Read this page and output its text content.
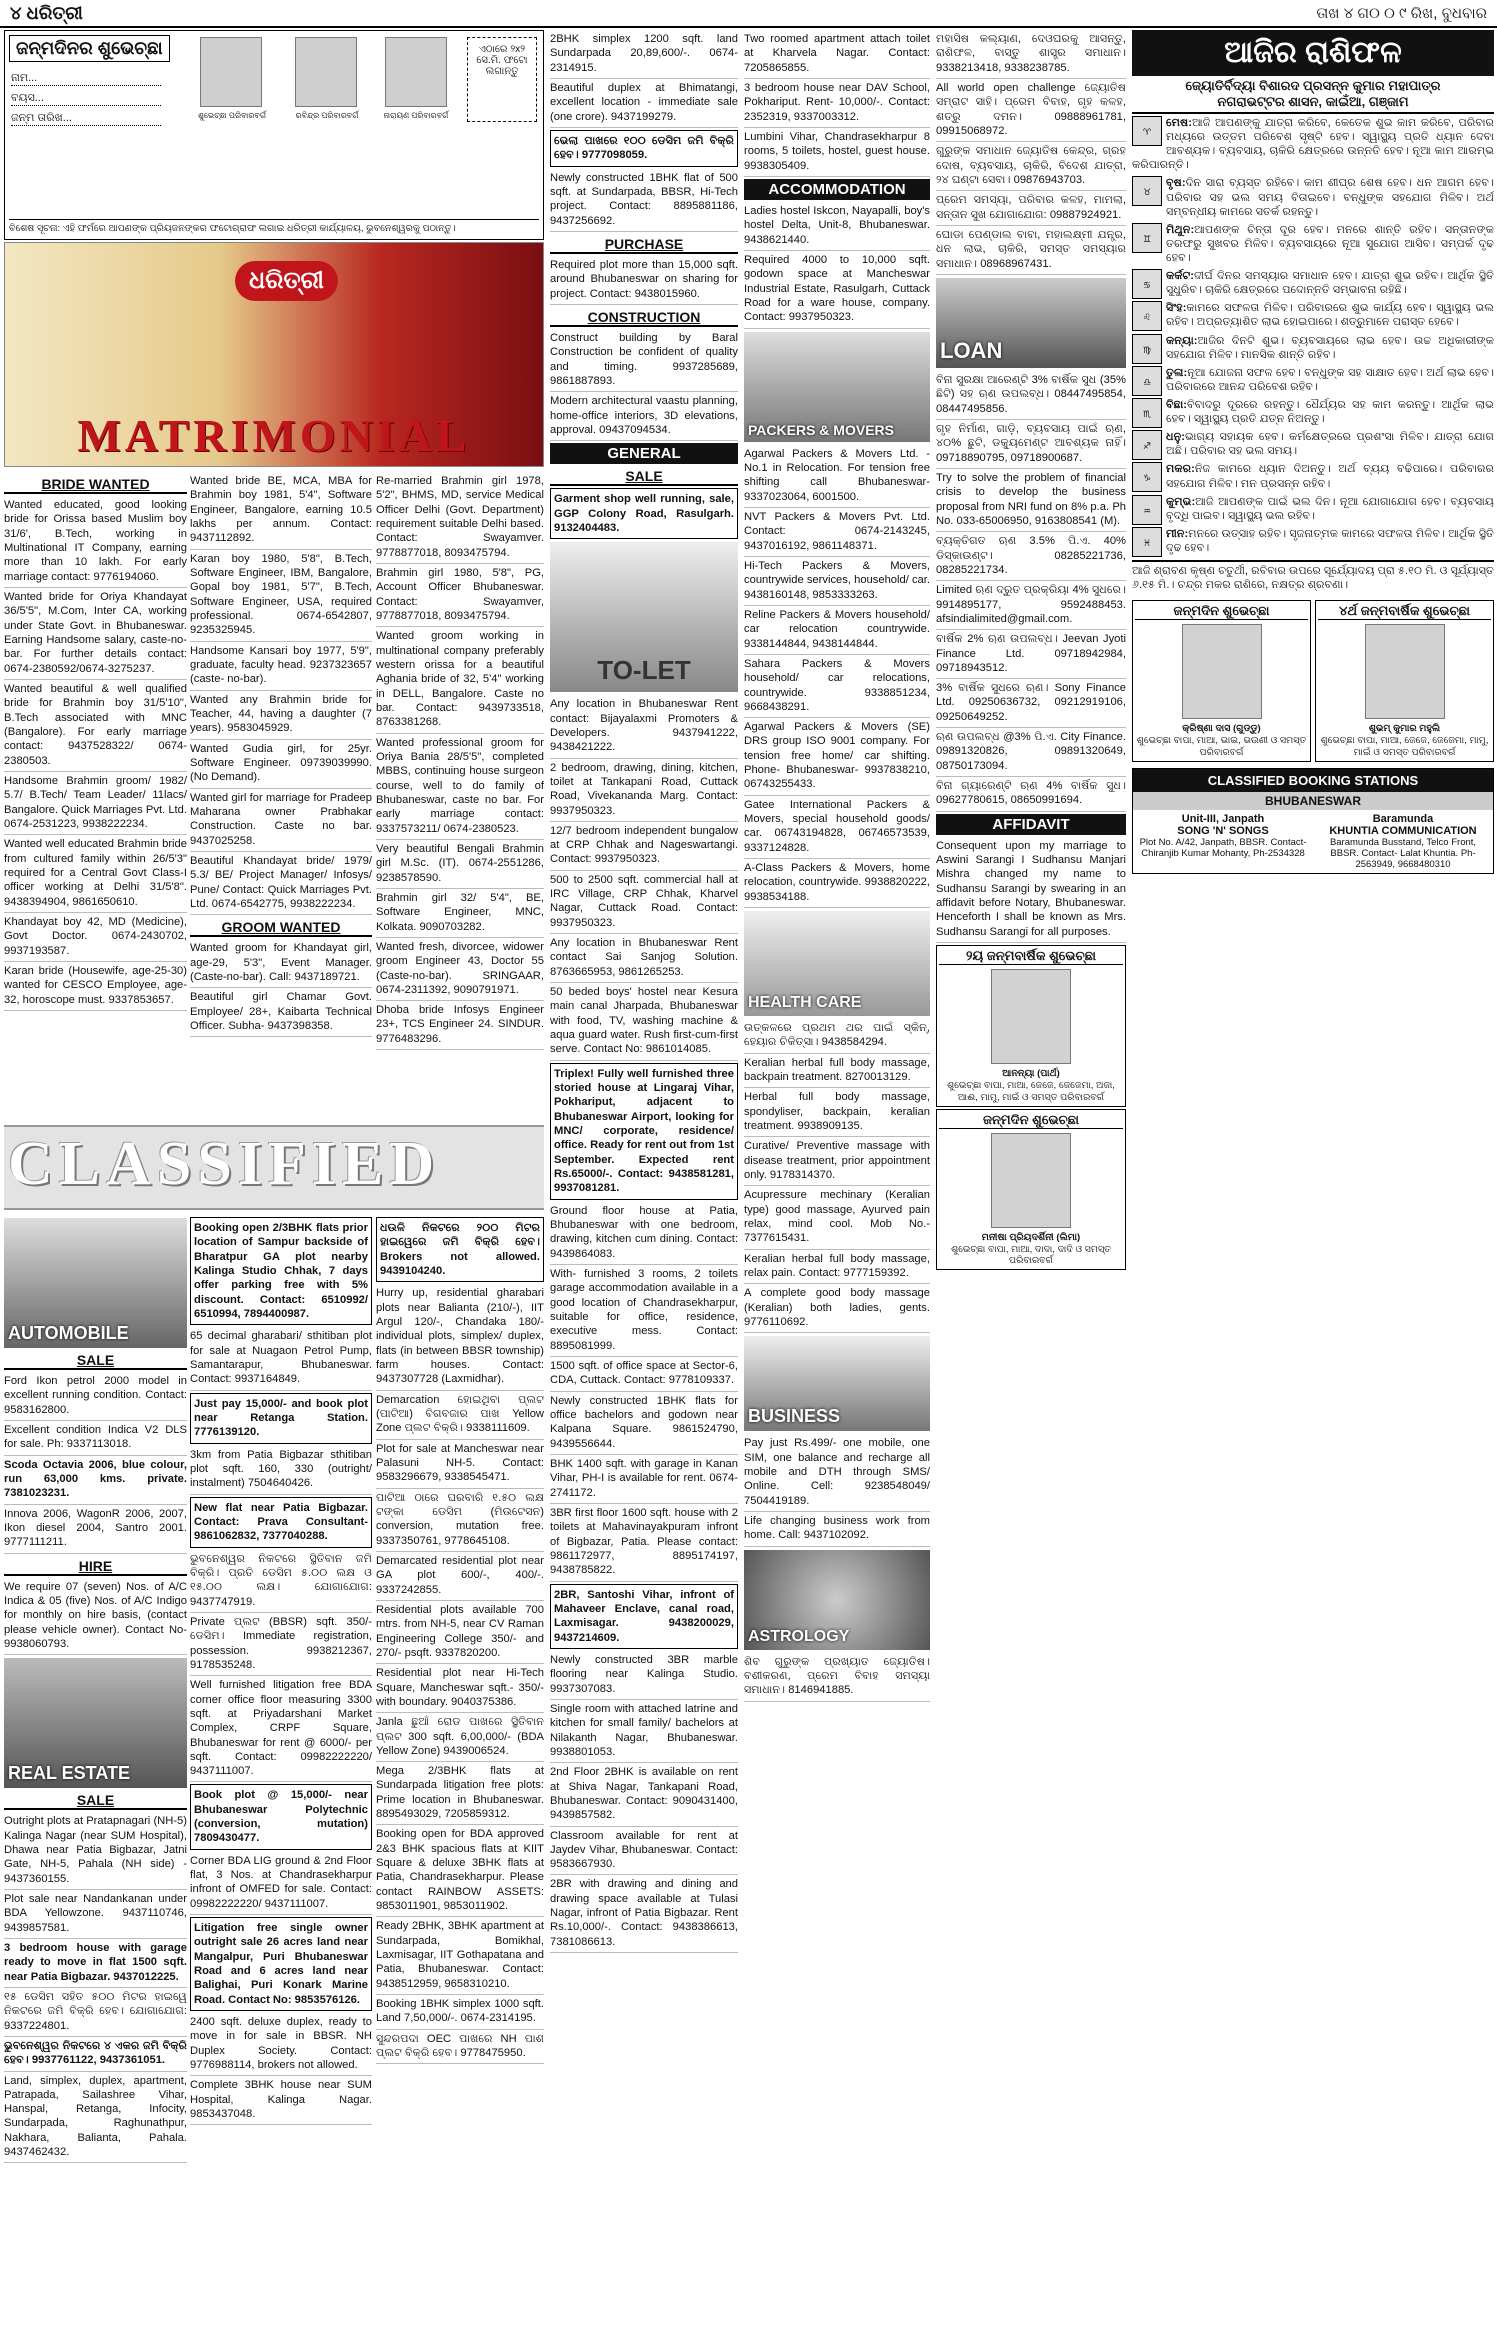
୪ ଧରିତ୍ରୀ	ତାଖ ୪ ଗ୦ ୦ ୯ ରିଖ, ବୁଧବାର
ଜନ୍ମଦିନର ଶୁଭେଚ୍ଛା
ନାମ...
ବୟସ...
ଜନ୍ମ ତାରିଖ...	ଶୁଭେଚ୍ଛା ପରିବାରବର୍ଗ	ରବିନ୍ଦ୍ର ପରିବାରବର୍ଗ	ନାରାୟଣ ପରିବାରବର୍ଗ
ଏଠାରେ ୨x୨ ସେ.ମି. ଫଟୋ ଲଗାନ୍ତୁ
ବିଶେଷ ସୂଚନା: ଏହି ଫର୍ମରେ ଆପଣଙ୍କ ପ୍ରିୟଜନଙ୍କର ଫଟୋଗ୍ରାଫ ଲଗାଇ ଧରିତ୍ରୀ କାର୍ଯ୍ୟାଳୟ, ଭୁବନେଶ୍ୱରକୁ ପଠାନ୍ତୁ।
ଧରିତ୍ରୀ
MATRIMONIAL
BRIDE WANTED
Wanted educated, good looking bride for Orissa based Muslim boy 31/6', B.Tech, working in Multinational IT Company, earning more than 10 lakh. For early marriage contact: 9776194060.
Wanted bride for Oriya Khandayat 36/5'5", M.Com, Inter CA, working under State Govt. in Bhubaneswar. Earning Handsome salary, caste-no-bar. For further details contact: 0674-2380592/0674-3275237.
Wanted beautiful & well qualified bride for Brahmin boy 31/5'10", B.Tech associated with MNC (Bangalore). For early marriage contact: 9437528322/ 0674-2380503.
Handsome Brahmin groom/ 1982/ 5.7/ B.Tech/ Team Leader/ 11lacs/ Bangalore. Quick Marriages Pvt. Ltd. 0674-2531223, 9938222234.
Wanted well educated Brahmin bride from cultured family within 26/5'3" required for a Central Govt Class-I officer working at Delhi 31/5'8". 9438394904, 9861650610.
Khandayat boy 42, MD (Medicine), Govt Doctor. 0674-2430702, 9937193587.
Karan bride (Housewife, age-25-30) wanted for CESCO Employee, age-32, horoscope must. 9337853657.
Wanted bride BE, MCA, MBA for Brahmin boy 1981, 5'4", Software Engineer, Bangalore, earning 10.5 lakhs per annum. Contact: 9437112892.
Karan boy 1980, 5'8", B.Tech, Software Engineer, IBM, Bangalore, Gopal boy 1981, 5'7", B.Tech, Software Engineer, USA, required professional. 0674-6542807, 9235325945.
Handsome Kansari boy 1977, 5'9", graduate, faculty head. 9237323657 (caste- no-bar).
Wanted any Brahmin bride for Teacher, 44, having a daughter (7 years). 9583045929.
Wanted Gudia girl, for 25yr. Software Engineer. 09739039990. (No Demand).
Wanted girl for marriage for Pradeep Maharana owner Prabhakar Construction. Caste no bar. 9437025258.
Beautiful Khandayat bride/ 1979/ 5.3/ BE/ Project Manager/ Infosys/ Pune/ Contact: Quick Marriages Pvt. Ltd. 0674-6542775, 9938222234.
GROOM WANTED
Wanted groom for Khandayat girl, age-29, 5'3", Event Manager. (Caste-no-bar). Call: 9437189721.
Beautiful girl Chamar Govt. Employee/ 28+, Kaibarta Technical Officer. Subha- 9437398358.
Re-married Brahmin girl 1978, 5'2", BHMS, MD, service Medical Officer Delhi (Govt. Department) requirement suitable Delhi based. Contact: Swayamver. 9778877018, 8093475794.
Brahmin girl 1980, 5'8", PG, Account Officer Bhubaneswar. Contact: Swayamver, 9778877018, 8093475794.
Wanted groom working in multinational company preferably western orissa for a beautiful Aghania bride of 32, 5'4" working in DELL, Bangalore. Caste no bar. Contact: 9439733518, 8763381268.
Wanted professional groom for Oriya Bania 28/5'5", completed MBBS, continuing house surgeon course, well to do family of Bhubaneswar, caste no bar. For early marriage contact: 9337573211/ 0674-2380523.
Very beautiful Bengali Brahmin girl M.Sc. (IT). 0674-2551286, 9238578590.
Brahmin girl 32/ 5'4", BE, Software Engineer, MNC, Kolkata. 9090703282.
Wanted fresh, divorcee, widower groom Engineer 43, Doctor 55 (Caste-no-bar). SRINGAAR, 0674-2311392, 9090791971.
Dhoba bride Infosys Engineer 23+, TCS Engineer 24. SINDUR. 9776483296.
CLASSIFIED
AUTOMOBILE
SALE
Ford Ikon petrol 2000 model in excellent running condition. Contact: 9583162800.
Excellent condition Indica V2 DLS for sale. Ph: 9337113018.
Scoda Octavia 2006, blue colour, run 63,000 kms. private. 7381023231.
Innova 2006, WagonR 2006, 2007, Ikon diesel 2004, Santro 2001. 9777111211.
HIRE
We require 07 (seven) Nos. of A/C Indica & 05 (five) Nos. of A/C Indigo for monthly on hire basis, (contact please vehicle owner). Contact No- 9938060793.
REAL ESTATE
SALE
Outright plots at Pratapnagari (NH-5) Kalinga Nagar (near SUM Hospital), Dhawa near Patia Bigbazar, Jatni Gate, NH-5, Pahala (NH side) - 9437360155.
Plot sale near Nandankanan under BDA Yellowzone. 9437110746, 9439857581.
3 bedroom house with garage ready to move in flat 1500 sqft. near Patia Bigbazar. 9437012225.
୧୫ ଡେସିମ ସହିତ ୫୦୦ ମିଟର ହାଇୱେ ନିକଟରେ ଜମି ବିକ୍ରି ହେବ। ଯୋଗାଯୋଗ: 9337224801.
ଭୁବନେଶ୍ୱର ନିକଟରେ ୪ ଏକର ଜମି ବିକ୍ରି ହେବ। 9937761122, 9437361051.
Land, simplex, duplex, apartment, Patrapada, Sailashree Vihar, Hanspal, Retanga, Infocity, Sundarpada, Raghunathpur, Nakhara, Balianta, Pahala. 9437462432.
Booking open 2/3BHK flats prior location of Sampur backside of Bharatpur GA plot nearby Kalinga Studio Chhak, 7 days offer parking free with 5% discount. Contact: 6510992/ 6510994, 7894400987.
65 decimal gharabari/ sthitiban plot for sale at Nuagaon Petrol Pump, Samantarapur, Bhubaneswar. Contact: 9937164849.
Just pay 15,000/- and book plot near Retanga Station. 7776139120.
3km from Patia Bigbazar sthitiban plot sqft. 160, 330 (outright/ instalment) 7504640426.
New flat near Patia Bigbazar. Contact: Prava Consultant- 9861062832, 7377040288.
ଭୁବନେଶ୍ୱର ନିକଟରେ ସ୍ଥିତିବାନ ଜମି ବିକ୍ରି। ପ୍ରତି ଡେସିମ ୫.୦୦ ଲକ୍ଷ ଓ ୧୫.୦୦ ଲକ୍ଷ। ଯୋଗାଯୋଗ: 9437747919.
Private ପ୍ଲଟ (BBSR) sqft. 350/- ଡେସିମ। Immediate registration, possession. 9938212367, 9178535248.
Well furnished litigation free BDA corner office floor measuring 3300 sqft. at Priyadarshani Market Complex, CRPF Square, Bhubaneswar for rent @ 6000/- per sqft. Contact: 09982222220/ 9437111007.
Book plot @ 15,000/- near Bhubaneswar Polytechnic (conversion, mutation) 7809430477.
Corner BDA LIG ground & 2nd Floor flat, 3 Nos. at Chandrasekharpur infront of OMFED for sale. Contact: 09982222220/ 9437111007.
Litigation free single owner outright sale 26 acres land near Mangalpur, Puri Bhubaneswar Road and 6 acres land near Balighai, Puri Konark Marine Road. Contact No: 9853576126.
2400 sqft. deluxe duplex, ready to move in for sale in BBSR. NH Duplex Society. Contact: 9776988114, brokers not allowed.
Complete 3BHK house near SUM Hospital, Kalinga Nagar. 9853437048.
ଧଉଳି ନିକଟରେ ୨୦୦ ମିଟର ହାଇୱେରେ ଜମି ବିକ୍ରି ହେବ। Brokers not allowed. 9439104240.
Hurry up, residential gharabari plots near Balianta (210/-), IIT Argul 120/-, Chandaka 180/- individual plots, simplex/ duplex, flats (in between BBSR township) farm houses. Contact: 9437307728 (Laxmidhar).
Demarcation ହୋଇଥିବା ପ୍ଲଟ (ପାଟିଆ) ବିଗବଜାର ପାଖ Yellow Zone ପ୍ଲଟ ବିକ୍ରି। 9338111609.
Plot for sale at Mancheswar near Palasuni NH-5. Contact: 9583296679, 9338545471.
ପାଟିଆ ଠାରେ ଘରବାରି ୧.୫୦ ଲକ୍ଷ ଟଙ୍କା ଡେସିମ (ମିଉଟେସନ) conversion, mutation free. 9337350761, 9778645108.
Demarcated residential plot near GA plot 600/-, 400/-. 9337242855.
Residential plots available 700 mtrs. from NH-5, near CV Raman Engineering College 350/- and 270/- psqft. 9337820200.
Residential plot near Hi-Tech Square, Mancheswar sqft.- 350/- with boundary. 9040375386.
Janla ଛୁଆଁ ରୋଡ ପାଖରେ ସ୍ଥିତିବାନ ପ୍ଲଟ 300 sqft. 6,00,000/- (BDA Yellow Zone) 9439006524.
Mega 2/3BHK flats at Sundarpada litigation free plots: Prime location in Bhubaneswar. 8895493029, 7205859312.
Booking open for BDA approved 2&3 BHK spacious flats at KIIT Square & deluxe 3BHK flats at Patia, Chandrasekharpur. Please contact RAINBOW ASSETS: 9853011901, 9853011902.
Ready 2BHK, 3BHK apartment at Sundarpada, Bomikhal, Laxmisagar, IIT Gothapatana and Patia, Bhubaneswar. Contact: 9438512959, 9658310210.
Booking 1BHK simplex 1000 sqft. Land 7,50,000/-. 0674-2314195.
ସୁନ୍ଦରପଦା OEC ପାଖରେ NH ପାଶ ପ୍ଲଟ ବିକ୍ରି ହେବ। 9778475950.
2BHK simplex 1200 sqft. land Sundarpada 20,89,600/-. 0674-2314915.
Beautiful duplex at Bhimatangi, excellent location - immediate sale (one crore). 9437199279.
ଭେଲା ପାଖରେ ୧୦୦ ଡେସିମ ଜମି ବିକ୍ରି ହେବ। 9777098059.
Newly constructed 1BHK flat of 500 sqft. at Sundarpada, BBSR, Hi-Tech project. Contact: 8895881186, 9437256692.
PURCHASE
Required plot more than 15,000 sqft. around Bhubaneswar on sharing for project. Contact: 9438015960.
CONSTRUCTION
Construct building by Baral Construction be confident of quality and timing. 9937285689, 9861887893.
Modern architectural vaastu planning, home-office interiors, 3D elevations, approval. 09437094534.
GENERAL
SALE
Garment shop well running, sale, GGP Colony Road, Rasulgarh. 9132404483.
TO-LET
Any location in Bhubaneswar Rent contact: Bijayalaxmi Promoters & Developers. 9437941222, 9438421222.
2 bedroom, drawing, dining, kitchen, toilet at Tankapani Road, Cuttack Road, Vivekananda Marg. Contact: 9937950323.
12/7 bedroom independent bungalow at CRP Chhak and Nageswartangi. Contact: 9937950323.
500 to 2500 sqft. commercial hall at IRC Village, CRP Chhak, Kharvel Nagar, Cuttack Road. Contact: 9937950323.
Any location in Bhubaneswar Rent contact Sai Sanjog Solution. 8763665953, 9861265253.
50 beded boys' hostel near Kesura main canal Jharpada, Bhubaneswar with food, TV, washing machine & aqua guard water. Rush first-cum-first serve. Contact No: 9861014085.
Triplex! Fully well furnished three storied house at Lingaraj Vihar, Pokhariput, adjacent to Bhubaneswar Airport, looking for MNC/ corporate, residence/ office. Ready for rent out from 1st September. Expected rent Rs.65000/-. Contact: 9438581281, 9937081281.
Ground floor house at Patia, Bhubaneswar with one bedroom, drawing, kitchen cum dining. Contact: 9439864083.
With- furnished 3 rooms, 2 toilets garage accommodation available in a good location of Chandrasekharpur, suitable for office, residence, executive mess. Contact: 8895081999.
1500 sqft. of office space at Sector-6, CDA, Cuttack. Contact: 9778109337.
Newly constructed 1BHK flats for office bachelors and godown near Kalpana Square. 9861524790, 9439556644.
BHK 1400 sqft. with garage in Kanan Vihar, PH-I is available for rent. 0674-2741172.
3BR first floor 1600 sqft. house with 2 toilets at Mahavinayakpuram infront of Bigbazar, Patia. Please contact: 9861172977, 8895174197, 9438785822.
2BR, Santoshi Vihar, infront of Mahaveer Enclave, canal road, Laxmisagar. 9438200029, 9437214609.
Newly constructed 3BR marble flooring near Kalinga Studio. 9937307083.
Single room with attached latrine and kitchen for small family/ bachelors at Nilakanth Nagar, Bhubaneswar. 9938801053.
2nd Floor 2BHK is available on rent at Shiva Nagar, Tankapani Road, Bhubaneswar. Contact: 9090431400, 9439857582.
Classroom available for rent at Jaydev Vihar, Bhubaneswar. Contact: 9583667930.
2BR with drawing and dining and drawing space available at Tulasi Nagar, infront of Patia Bigbazar. Rent Rs.10,000/-. Contact: 9438386613, 7381086613.
Two roomed apartment attach toilet at Kharvela Nagar. Contact: 7205865855.
3 bedroom house near DAV School, Pokhariput. Rent- 10,000/-. Contact: 2352319, 9337003312.
Lumbini Vihar, Chandrasekharpur 8 rooms, 5 toilets, hostel, guest house. 9938305409.
ACCOMMODATION
Ladies hostel Iskcon, Nayapalli, boy's hostel Delta, Unit-8, Bhubaneswar. 9438621440.
Required 4000 to 10,000 sqft. godown space at Mancheswar Industrial Estate, Rasulgarh, Cuttack Road for a ware house, company. Contact: 9937950323.
PACKERS & MOVERS
Agarwal Packers & Movers Ltd. - No.1 in Relocation. For tension free shifting call Bhubaneswar- 9337023064, 6001500.
NVT Packers & Movers Pvt. Ltd. Contact: 0674-2143245, 9437016192, 9861148371.
Hi-Tech Packers & Movers, countrywide services, household/ car. 9438160148, 9853333263.
Reline Packers & Movers household/ car relocation countrywide. 9338144844, 9438144844.
Sahara Packers & Movers household/ car relocations, countrywide. 9338851234, 9668438291.
Agarwal Packers & Movers (SE) DRS group ISO 9001 company. For tension free home/ car shifting. Phone- Bhubaneswar- 9937838210, 06743255433.
Gatee International Packers & Movers, special household goods/ car. 06743194828, 06746573539, 9337124828.
A-Class Packers & Movers, home relocation, countrywide. 9938820222, 9938534188.
HEALTH CARE
ଉତ୍କଳରେ ପ୍ରଥମ ଥର ପାଇଁ ସ୍କିନ୍, ହେୟାର ଚିକିତ୍ସା। 9438584294.
Keralian herbal full body massage, backpain treatment. 8270013129.
Herbal full body massage, spondyliser, backpain, keralian treatment. 9938909135.
Curative/ Preventive massage with disease treatment, prior appointment only. 9178314370.
Acupressure mechinary (Keralian type) good massage, Ayurved pain relax, mind cool. Mob No.- 7377615431.
Keralian herbal full body massage, relax pain. Contact: 9777159392.
A complete good body massage (Keralian) both ladies, gents. 9776110692.
BUSINESS
Pay just Rs.499/- one mobile, one SIM, one balance and recharge all mobile and DTH through SMS/ Online. Cell: 9238548049/ 7504419189.
Life changing business work from home. Call: 9437102092.
ASTROLOGY
ଶିବ ଗୁରୁଙ୍କ ପ୍ରଖ୍ୟାତ ଜ୍ୟୋତିଷ। ବଶୀକରଣ, ପ୍ରେମ ବିବାହ ସମସ୍ୟା ସମାଧାନ। 8146941885.
ମହାସିଷ କଲ୍ୟାଣ, ଦେଓଘରକୁ ଆସନ୍ତୁ, ରାଶିଫଳ, ବାସ୍ତୁ ଶାସ୍ତ୍ର ସମାଧାନ। 9338213418, 9338238785.
All world open challenge ଜ୍ୟୋତିଷ ସମ୍ରାଟ ସାହି। ପ୍ରେମ ବିବାହ, ଗୃହ କଳହ, ଶତ୍ରୁ ଦମନ। 09888961781, 09915068972.
ଗୁରୁଙ୍କ ସମାଧାନ ଜ୍ୟୋତିଷ କେନ୍ଦ୍ର, ଗ୍ରହ ଦୋଷ, ବ୍ୟବସାୟ, ଚାକିରି, ବିଦେଶ ଯାତ୍ରା, ୨୪ ଘଣ୍ଟା ସେବା। 09876943703.
ପ୍ରେମ ସମସ୍ୟା, ପରିବାର କଳହ, ମାମଲା, ସନ୍ତାନ ସୁଖ ଯୋଗାଯୋଗ: 09887924921.
ଘୋଡା ପେଣ୍ଡାଲ ବାବା, ମହାଲକ୍ଷ୍ମୀ ଯନ୍ତ୍ର, ଧନ ଲାଭ, ଚାକିରି, ସମସ୍ତ ସମସ୍ୟାର ସମାଧାନ। 08968967431.
LOAN
ବିନା ସୁରକ୍ଷା ଆରେଣ୍ଟି 3% ବାର୍ଷିକ ସୁଧ (35% ଛିଟି) ସହ ଋଣ ଉପଲବ୍ଧ। 08447495854, 08447495856.
ଗୃହ ନିର୍ମାଣ, ଗାଡ଼ି, ବ୍ୟବସାୟ ପାଇଁ ଋଣ, ୪୦% ଛୁଟି, ଡକ୍ୟୁମେଣ୍ଟ ଆବଶ୍ୟକ ନାହିଁ। 09718890795, 09718900687.
Try to solve the problem of financial crisis to develop the business proposal from NRI fund on 8% p.a. Ph No. 033-65006950, 9163808541 (M).
ବ୍ୟକ୍ତିଗତ ଋଣ 3.5% ପି.ଏ. 40% ଡିସ୍କାଉଣ୍ଟ। 08285221736, 08285221734.
Limited ଋଣ ଦ୍ରୁତ ପ୍ରକ୍ରିୟା 4% ସୁଧରେ। 9914895177, 9592488453. afsindialimited@gmail.com.
ବାର୍ଷିକ 2% ଋଣ ଉପଲବ୍ଧ। Jeevan Jyoti Finance Ltd. 09718942984, 09718943512.
3% ବାର୍ଷିକ ସୁଧରେ ଋଣ। Sony Finance Ltd. 09250636732, 09212919106, 09250649252.
ଋଣ ଉପଲବ୍ଧ @3% ପି.ଏ. City Finance. 09891320826, 09891320649, 08750173094.
ବିନା ଗ୍ୟାରେଣ୍ଟି ଋଣ 4% ବାର୍ଷିକ ସୁଧ। 09627780615, 08650991694.
AFFIDAVIT
Consequent upon my marriage to Aswini Sarangi I Sudhansu Manjari Mishra changed my name to Sudhansu Sarangi by swearing in an affidavit before Notary, Bhubaneswar. Henceforth I shall be known as Mrs. Sudhansu Sarangi for all purposes.
୨ୟ ଜନ୍ମବାର୍ଷିକ ଶୁଭେଚ୍ଛା
ଆନନ୍ୟା (ପାର୍ଥ)
ଶୁଭେଚ୍ଛା ବାପା, ମାଆ, ଜେଜେ, ଜେଜେମା, ଅଜା, ଆଈ, ମାମୁ, ମାଇଁ ଓ ସମସ୍ତ ପରିବାରବର୍ଗ
ଜନ୍ମଦିନ ଶୁଭେଚ୍ଛା
ମନୀଷା ପ୍ରିୟଦର୍ଶିନୀ (ଲିମା)
ଶୁଭେଚ୍ଛା ବାପା, ମାଆ, ଦାଦା, ଦାଦି ଓ ସମସ୍ତ ପରିବାରବର୍ଗ
ଆଜିର ରାଶିଫଳ
ଜ୍ୟୋତିର୍ବିଦ୍ୟା ବିଶାରଦ ପ୍ରସନ୍ନ କୁମାର ମହାପାତ୍ର
ନଗରାଭଟ୍ଟର ଶାସନ, କାଇଁଆ, ଗଞ୍ଜାମ
♈
ମେଷ:ଆଜି ଆପଣଙ୍କୁ ଯାତ୍ରା କରିବେ, କେତେକ ଶୁଭ କାମ କରିବେ, ପରିବାର ମଧ୍ୟରେ ଉତ୍ତମ ପରିବେଶ ସୃଷ୍ଟି ହେବ। ସ୍ୱାସ୍ଥ୍ୟ ପ୍ରତି ଧ୍ୟାନ ଦେବା ଆବଶ୍ୟକ। ବ୍ୟବସାୟ, ଚାକିରି କ୍ଷେତ୍ରରେ ଉନ୍ନତି ହେବ। ନୂଆ କାମ ଆରମ୍ଭ କରିପାରନ୍ତି।
♉
ବୃଷ:ଦିନ ସାରା ବ୍ୟସ୍ତ ରହିବେ। କାମ ଶୀଘ୍ର ଶେଷ ହେବ। ଧନ ଆଗମ ହେବ। ପରିବାର ସହ ଭଲ ସମୟ ବିତାଇବେ। ବନ୍ଧୁଙ୍କ ସହଯୋଗ ମିଳିବ। ଅର୍ଥ ସମ୍ବନ୍ଧୀୟ କାମରେ ସତର୍କ ରହନ୍ତୁ।
♊
ମିଥୁନ:ଆପଣଙ୍କ ଚିନ୍ତା ଦୂର ହେବ। ମନରେ ଶାନ୍ତି ରହିବ। ସନ୍ତାନଙ୍କ ତରଫରୁ ସୁଖବର ମିଳିବ। ବ୍ୟବସାୟରେ ନୂଆ ସୁଯୋଗ ଆସିବ। ସମ୍ପର୍କ ଦୃଢ ହେବ।
♋
କର୍କଟ:ଦୀର୍ଘ ଦିନର ସମସ୍ୟାର ସମାଧାନ ହେବ। ଯାତ୍ରା ଶୁଭ ରହିବ। ଆର୍ଥିକ ସ୍ଥିତି ସୁଧୁରିବ। ଚାକିରି କ୍ଷେତ୍ରରେ ପଦୋନ୍ନତି ସମ୍ଭାବନା ରହିଛି।
♌
ସିଂହ:କାମରେ ସଫଳତା ମିଳିବ। ପରିବାରରେ ଶୁଭ କାର୍ଯ୍ୟ ହେବ। ସ୍ୱାସ୍ଥ୍ୟ ଭଲ ରହିବ। ଅପ୍ରତ୍ୟାଶିତ ଲାଭ ହୋଇପାରେ। ଶତ୍ରୁମାନେ ପରାସ୍ତ ହେବେ।
♍
କନ୍ୟା:ଆଜିର ଦିନଟି ଶୁଭ। ବ୍ୟବସାୟରେ ଲାଭ ହେବ। ଉଚ୍ଚ ଅଧିକାରୀଙ୍କ ସହଯୋଗ ମିଳିବ। ମାନସିକ ଶାନ୍ତି ରହିବ।
♎
ତୁଳା:ନୂଆ ଯୋଜନା ସଫଳ ହେବ। ବନ୍ଧୁଙ୍କ ସହ ସାକ୍ଷାତ ହେବ। ଅର୍ଥ ଲାଭ ହେବ। ପରିବାରରେ ଆନନ୍ଦ ପରିବେଶ ରହିବ।
♏
ବିଛା:ବିବାଦରୁ ଦୂରରେ ରହନ୍ତୁ। ଧୈର୍ଯ୍ୟର ସହ କାମ କରନ୍ତୁ। ଆର୍ଥିକ ଲାଭ ହେବ। ସ୍ୱାସ୍ଥ୍ୟ ପ୍ରତି ଯତ୍ନ ନିଅନ୍ତୁ।
♐
ଧନୁ:ଭାଗ୍ୟ ସହାୟକ ହେବ। କର୍ମକ୍ଷେତ୍ରରେ ପ୍ରଶଂସା ମିଳିବ। ଯାତ୍ରା ଯୋଗ ଅଛି। ପରିବାର ସହ ଭଲ ସମୟ।
♑
ମକର:ନିଜ କାମରେ ଧ୍ୟାନ ଦିଅନ୍ତୁ। ଅର୍ଥ ବ୍ୟୟ ବଢିପାରେ। ପରିବାରର ସହଯୋଗ ମିଳିବ। ମନ ପ୍ରସନ୍ନ ରହିବ।
♒
କୁମ୍ଭ:ଆଜି ଆପଣଙ୍କ ପାଇଁ ଭଲ ଦିନ। ନୂଆ ଯୋଗାଯୋଗ ହେବ। ବ୍ୟବସାୟ ବୃଦ୍ଧି ପାଇବ। ସ୍ୱାସ୍ଥ୍ୟ ଭଲ ରହିବ।
♓
ମୀନ:ମନରେ ଉତ୍ସାହ ରହିବ। ସୃଜନାତ୍ମକ କାମରେ ସଫଳତା ମିଳିବ। ଆର୍ଥିକ ସ୍ଥିତି ଦୃଢ ହେବ।
ଆଜି ଶ୍ରାବଣ କୃଷ୍ଣ ଚତୁର୍ଥୀ, ରବିବାର ଉପରେ ସୂର୍ଯ୍ୟୋଦୟ ପ୍ରା ୫.୧୦ ମି. ଓ ସୂର୍ଯ୍ୟାସ୍ତ ୬.୧୫ ମି.। ଚନ୍ଦ୍ର ମକର ରାଶିରେ, ନକ୍ଷତ୍ର ଶ୍ରବଣା।
ଜନ୍ମଦିନ ଶୁଭେଚ୍ଛା
କ୍ରିଷ୍ଣା ଦାସ (ଗୁଡ୍ଡୁ)
ଶୁଭେଚ୍ଛା ବାପା, ମାଆ, ଭାଇ, ଭଉଣୀ ଓ ସମସ୍ତ ପରିବାରବର୍ଗ
୪ର୍ଥ ଜନ୍ମବାର୍ଷିକ ଶୁଭେଚ୍ଛା
ଶୁଭମ୍ କୁମାର ମହୁଲି
ଶୁଭେଚ୍ଛା ବାପା, ମାଆ, ଜେଜେ, ଜେଜେମା, ମାମୁ, ମାଇଁ ଓ ସମସ୍ତ ପରିବାରବର୍ଗ
CLASSIFIED BOOKING STATIONS
BHUBANESWAR
Unit-III, Janpath
SONG 'N' SONGS
Plot No. A/42, Janpath, BBSR. Contact- Chiranjib Kumar Mohanty, Ph-2534328
Baramunda
KHUNTIA COMMUNICATION
Baramunda Busstand, Telco Front, BBSR. Contact- Lalat Khuntia. Ph-2563949, 9668480310
